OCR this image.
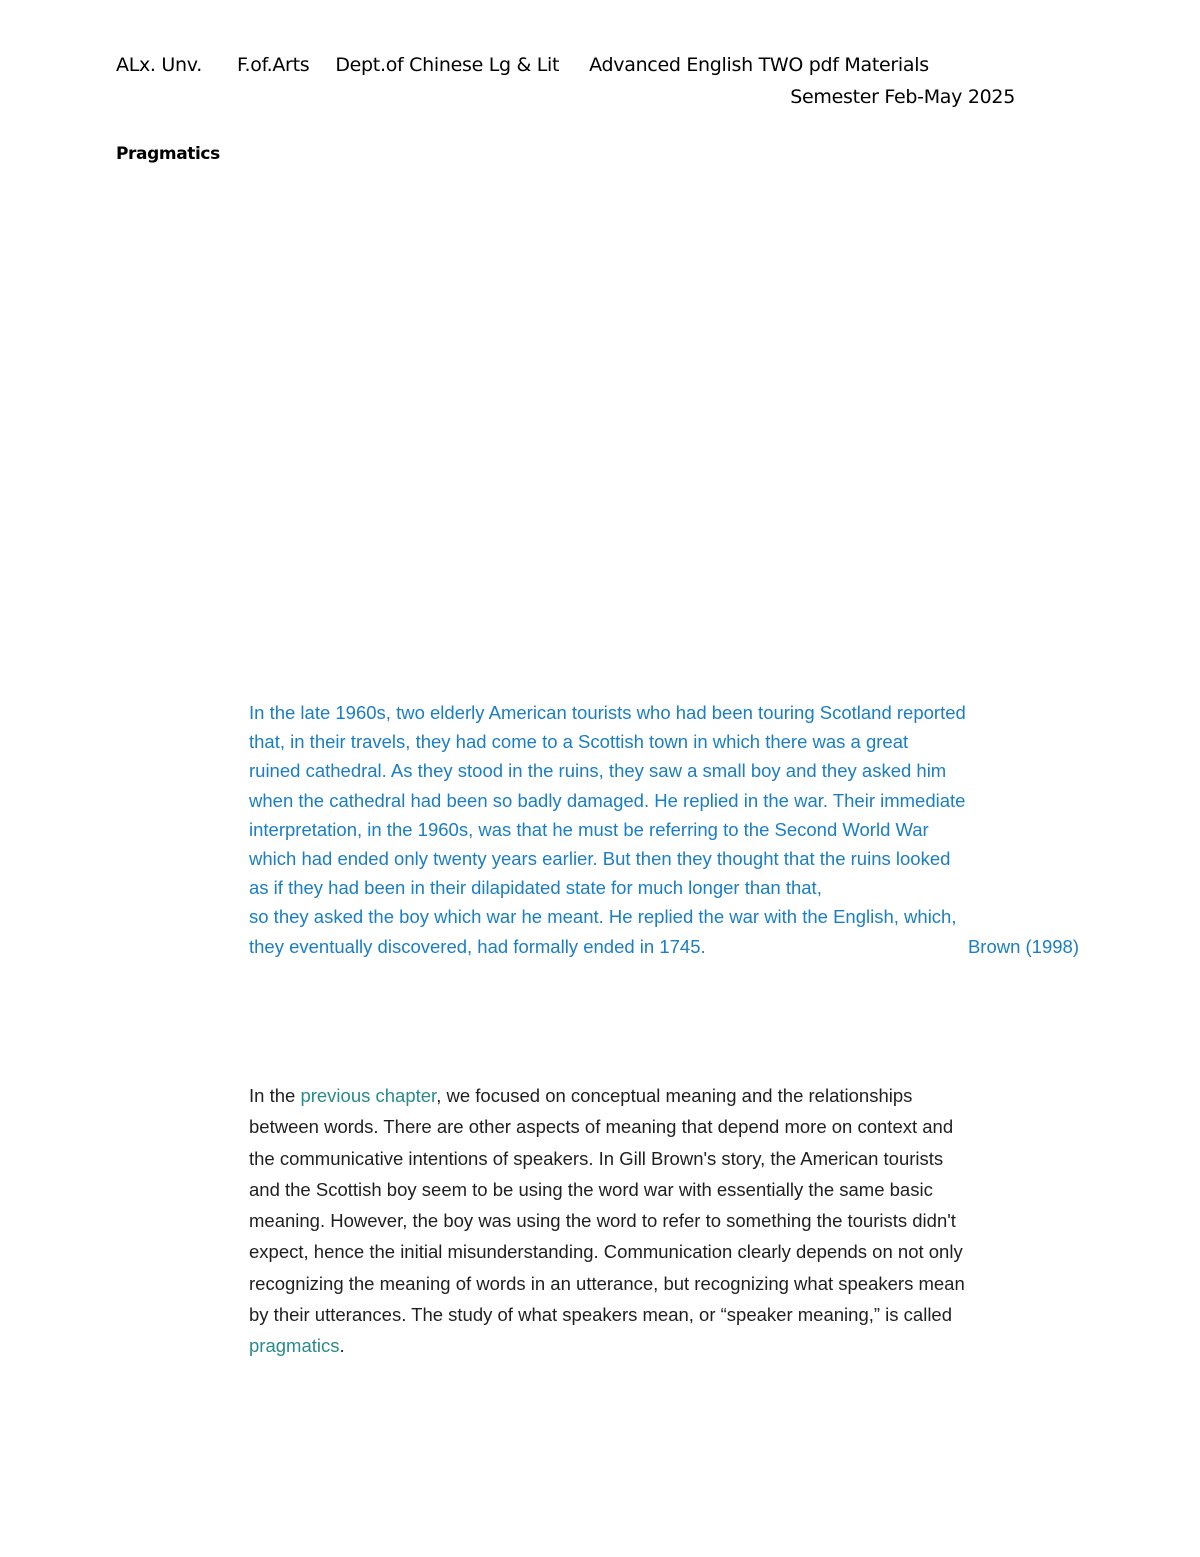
ALx. Unv. F.of.Arts Dept.of Chinese Lg & Lit Advanced English TWO pdf Materials
Semester Feb-May 2025
Pragmatics
In the late 1960s, two elderly American tourists who had been touring Scotland reported
that, in their travels, they had come to a Scottish town in which there was a great
ruined cathedral. As they stood in the ruins, they saw a small boy and they asked him
when the cathedral had been so badly damaged. He replied in the war. Their immediate
interpretation, in the 1960s, was that he must be referring to the Second World War
which had ended only twenty years earlier. But then they thought that the ruins looked
as if they had been in their dilapidated state for much longer than that,
so they asked the boy which war he meant. He replied the war with the English, which,
they eventually discovered, had formally ended in 1745.	Brown (1998)
In the previous chapter, we focused on conceptual meaning and the relationships
between words. There are other aspects of meaning that depend more on context and
the communicative intentions of speakers. In Gill Brown's story, the American tourists
and the Scottish boy seem to be using the word war with essentially the same basic
meaning. However, the boy was using the word to refer to something the tourists didn't
expect, hence the initial misunderstanding. Communication clearly depends on not only
recognizing the meaning of words in an utterance, but recognizing what speakers mean
by their utterances. The study of what speakers mean, or “speaker meaning,” is called
pragmatics.
